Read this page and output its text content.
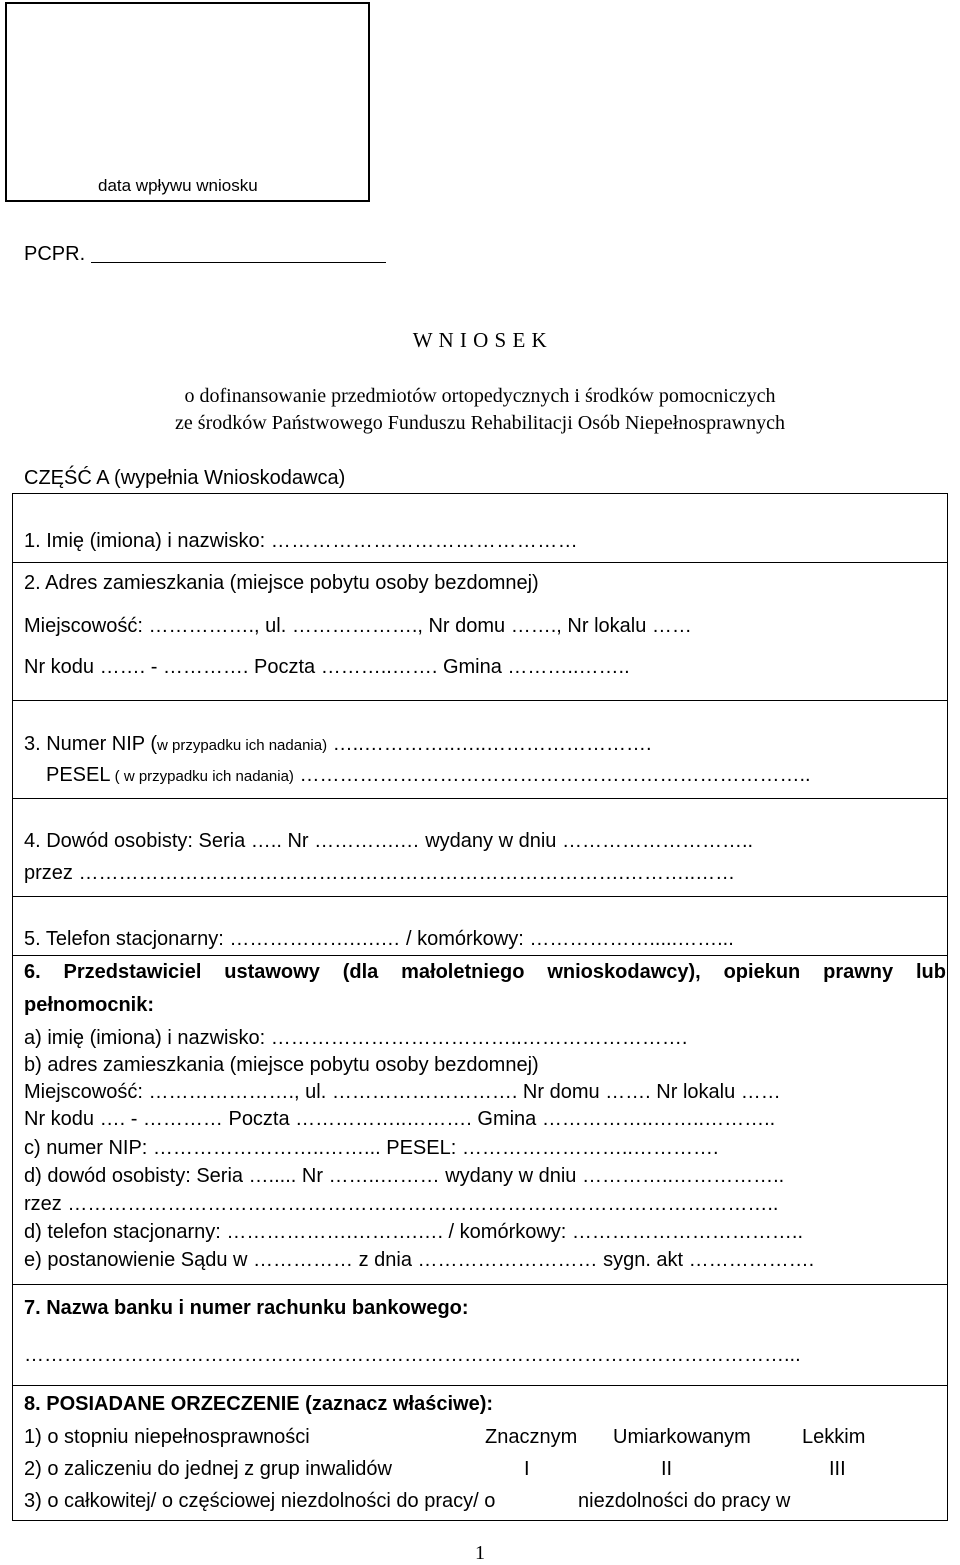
data wpływu wniosku
PCPR.
W N I O S E K
o dofinansowanie przedmiotów ortopedycznych i środków pomocniczych
ze środków Państwowego Funduszu Rehabilitacji Osób Niepełnosprawnych
CZĘŚĆ A (wypełnia Wnioskodawca)
1. Imię (imiona) i nazwisko: ………………………………………
2. Adres zamieszkania (miejsce pobytu osoby bezdomnej)
Miejscowość: ……………., ul. ………………., Nr domu ……., Nr lokalu ……
Nr kodu ……. - …………. Poczta ………..……. Gmina ………..……..
3. Numer NIP (w przypadku ich nadania) …..…………..…..…………………….
PESEL ( w przypadku ich nadania) …………………………………………………………………..
4. Dowód osobisty: Seria ….. Nr ………….… wydany w dniu ………………………..
przez ……………………………………………………………………….………..……
5. Telefon stacjonarny: ……………….….… / komórkowy: ……………….....……...
6. Przedstawiciel ustawowy (dla małoletniego wnioskodawcy), opiekun prawny lub
pełnomocnik:
a) imię (imiona) i nazwisko: ………………………………..…………………….
b) adres zamieszkania (miejsce pobytu osoby bezdomnej)
Miejscowość: …………………., ul. ………………………. Nr domu ……. Nr lokalu ……
Nr kodu …. - ………… Poczta ……………..………. Gmina ……………..……..………..
c) numer NIP: ……………………..……... PESEL: ……………………..………….
d) dowód osobisty: Seria …..... Nr ……..……… wydany w dniu …………..……………..
rzez ……………………………………………………………………………………………..
d) telefon stacjonarny: ……………….……….…. / komórkowy: ……………………………..
e) postanowienie Sądu w …………… z dnia ……………………… sygn. akt ……………….
7. Nazwa banku i numer rachunku bankowego:
……………………………………………………………………………………………………...
8. POSIADANE ORZECZENIE (zaznacz właściwe):
1) o stopniu niepełnosprawności	Znacznym Umiarkowanym	Lekkim
2) o zaliczeniu do jednej z grup inwalidów	I	II	III
3) o całkowitej/ o częściowej niezdolności do pracy/ o	niezdolności do pracy w
1
